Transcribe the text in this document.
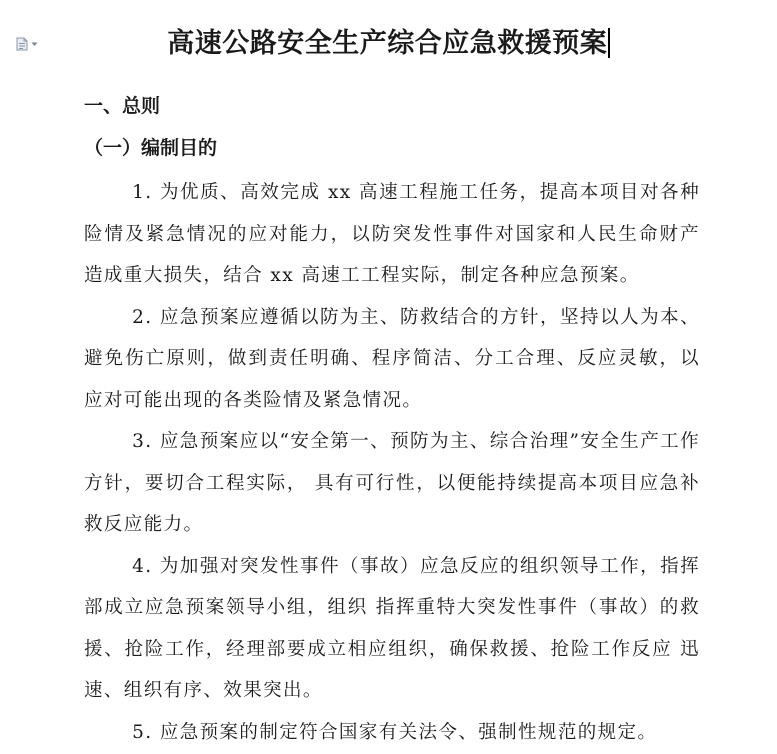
高速公路安全生产综合应急救援预案
一、总则
（一）编制目的

1. 为优质、高效完成 xx 高速工程施工任务，提高本项目对各种险情及紧急情况的应对能力，以防突发性事件对国家和人民生命财产造成重大损失，结合 xx 高速工工程实际，制定各种应急预案。

2. 应急预案应遵循以防为主、防救结合的方针，坚持以人为本、避免伤亡原则，做到责任明确、程序简洁、分工合理、反应灵敏，以应对可能出现的各类险情及紧急情况。

3. 应急预案应以“安全第一、预防为主、综合治理”安全生产工作方针，要切合工程实际， 具有可行性，以便能持续提高本项目应急补救反应能力。

4. 为加强对突发性事件（事故）应急反应的组织领导工作，指挥部成立应急预案领导小组，组织 指挥重特大突发性事件（事故）的救援、抢险工作，经理部要成立相应组织，确保救援、抢险工作反应 迅速、组织有序、效果突出。

5. 应急预案的制定符合国家有关法令、强制性规范的规定。
